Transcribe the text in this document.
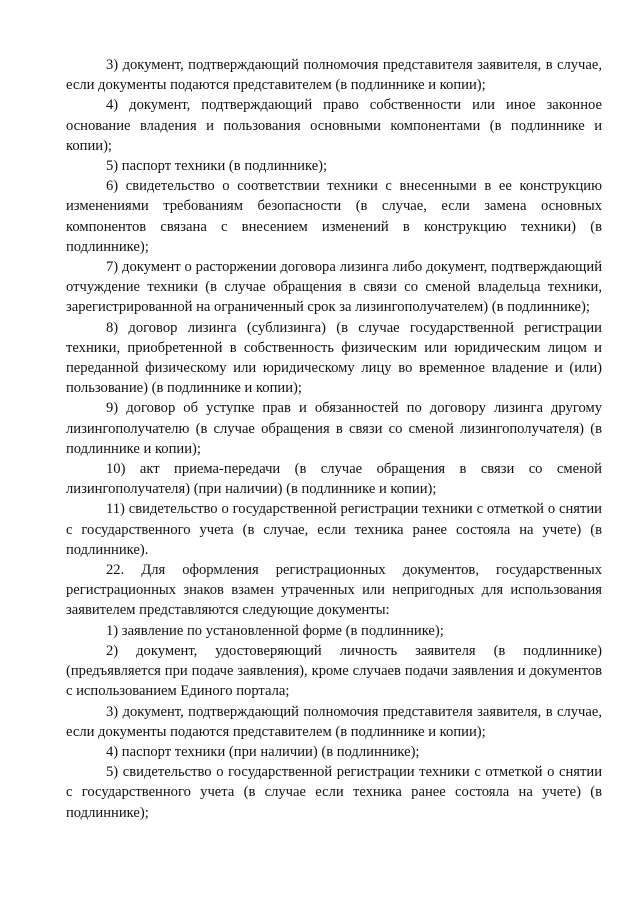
3) документ, подтверждающий полномочия представителя заявителя, в случае, если документы подаются представителем (в подлиннике и копии);

4) документ, подтверждающий право собственности или иное законное основание владения и пользования основными компонентами (в подлиннике и копии);

5) паспорт техники (в подлиннике);

6) свидетельство о соответствии техники с внесенными в ее конструкцию изменениями требованиям безопасности (в случае, если замена основных компонентов связана с внесением изменений в конструкцию техники) (в подлиннике);

7) документ о расторжении договора лизинга либо документ, подтверждающий отчуждение техники (в случае обращения в связи со сменой владельца техники, зарегистрированной на ограниченный срок за лизингополучателем) (в подлиннике);

8) договор лизинга (сублизинга) (в случае государственной регистрации техники, приобретенной в собственность физическим или юридическим лицом и переданной физическому или юридическому лицу во временное владение и (или) пользование) (в подлиннике и копии);

9) договор об уступке прав и обязанностей по договору лизинга другому лизингополучателю (в случае обращения в связи со сменой лизингополучателя) (в подлиннике и копии);

10) акт приема-передачи (в случае обращения в связи со сменой лизингополучателя) (при наличии) (в подлиннике и копии);

11) свидетельство о государственной регистрации техники с отметкой о снятии с государственного учета (в случае, если техника ранее состояла на учете) (в подлиннике).

22. Для оформления регистрационных документов, государственных регистрационных знаков взамен утраченных или непригодных для использования заявителем представляются следующие документы:

1) заявление по установленной форме (в подлиннике);

2) документ, удостоверяющий личность заявителя (в подлиннике) (предъявляется при подаче заявления), кроме случаев подачи заявления и документов с использованием Единого портала;

3) документ, подтверждающий полномочия представителя заявителя, в случае, если документы подаются представителем (в подлиннике и копии);

4) паспорт техники (при наличии) (в подлиннике);

5) свидетельство о государственной регистрации техники с отметкой о снятии с государственного учета (в случае если техника ранее состояла на учете) (в подлиннике);
